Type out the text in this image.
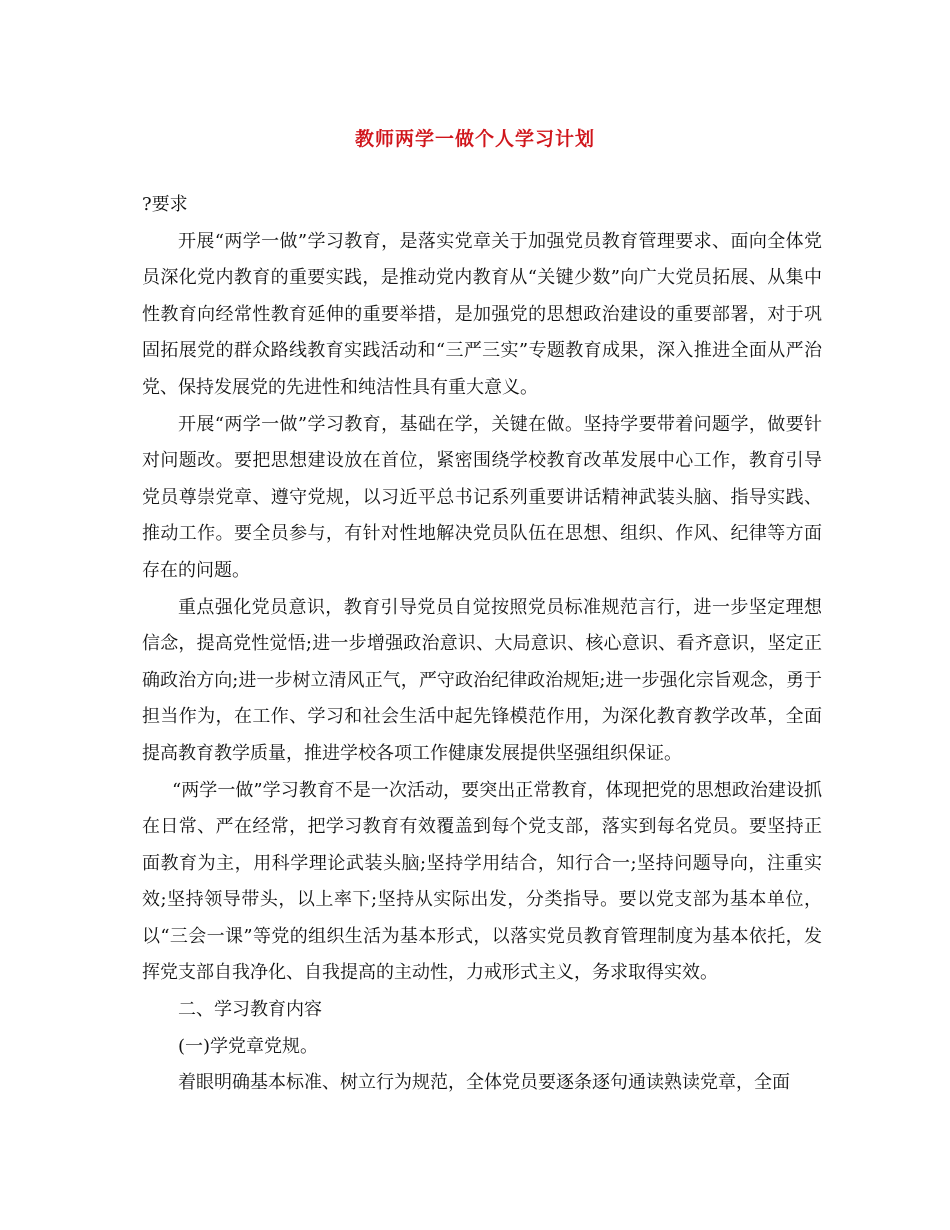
教师两学一做个人学习计划

?要求

开展“两学一做”学习教育，是落实党章关于加强党员教育管理要求、面向全体党员深化党内教育的重要实践，是推动党内教育从“关键少数”向广大党员拓展、从集中性教育向经常性教育延伸的重要举措，是加强党的思想政治建设的重要部署，对于巩固拓展党的群众路线教育实践活动和“三严三实”专题教育成果，深入推进全面从严治党、保持发展党的先进性和纯洁性具有重大意义。

开展“两学一做”学习教育，基础在学，关键在做。坚持学要带着问题学，做要针对问题改。要把思想建设放在首位，紧密围绕学校教育改革发展中心工作，教育引导党员尊崇党章、遵守党规，以习近平总书记系列重要讲话精神武装头脑、指导实践、推动工作。要全员参与，有针对性地解决党员队伍在思想、组织、作风、纪律等方面存在的问题。

重点强化党员意识，教育引导党员自觉按照党员标准规范言行，进一步坚定理想信念，提高党性觉悟;进一步增强政治意识、大局意识、核心意识、看齐意识，坚定正确政治方向;进一步树立清风正气，严守政治纪律政治规矩;进一步强化宗旨观念，勇于担当作为，在工作、学习和社会生活中起先锋模范作用，为深化教育教学改革，全面提高教育教学质量，推进学校各项工作健康发展提供坚强组织保证。

“两学一做”学习教育不是一次活动，要突出正常教育，体现把党的思想政治建设抓在日常、严在经常，把学习教育有效覆盖到每个党支部，落实到每名党员。要坚持正面教育为主，用科学理论武装头脑;坚持学用结合，知行合一;坚持问题导向，注重实效;坚持领导带头，以上率下;坚持从实际出发，分类指导。要以党支部为基本单位，以“三会一课”等党的组织生活为基本形式，以落实党员教育管理制度为基本依托，发挥党支部自我净化、自我提高的主动性，力戒形式主义，务求取得实效。

二、学习教育内容

(一)学党章党规。

着眼明确基本标准、树立行为规范，全体党员要逐条逐句通读熟读党章，全面
